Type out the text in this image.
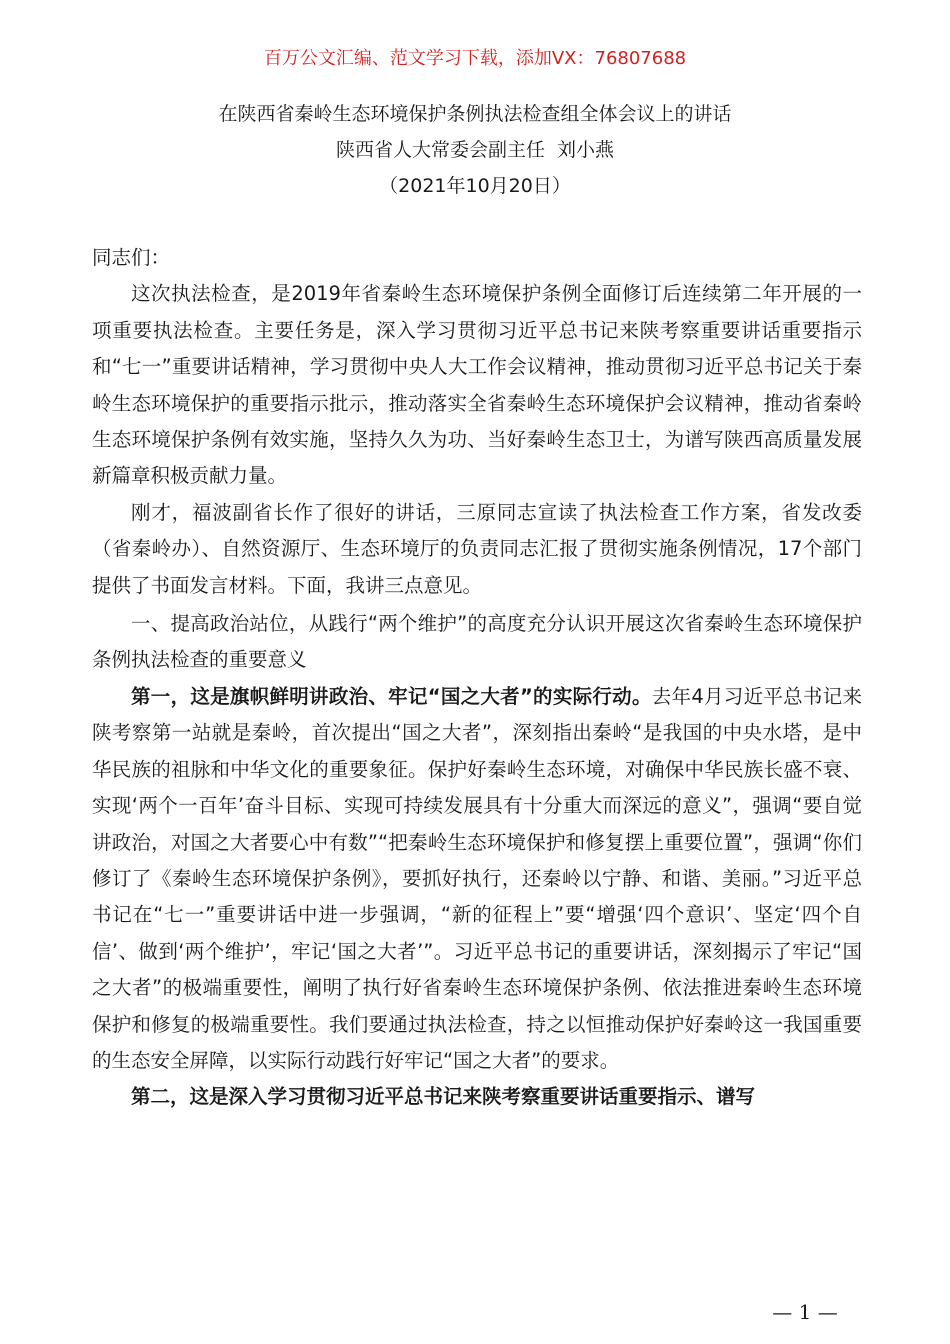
百万公文汇编、范文学习下载，添加VX：76807688
在陕西省秦岭生态环境保护条例执法检查组全体会议上的讲话
陕西省人大常委会副主任  刘小燕
（2021年10月20日）

同志们：

这次执法检查，是2019年省秦岭生态环境保护条例全面修订后连续第二年开展的一项重要执法检查。主要任务是，深入学习贯彻习近平总书记来陕考察重要讲话重要指示和“七一”重要讲话精神，学习贯彻中央人大工作会议精神，推动贯彻习近平总书记关于秦岭生态环境保护的重要指示批示，推动落实全省秦岭生态环境保护会议精神，推动省秦岭生态环境保护条例有效实施，坚持久久为功、当好秦岭生态卫士，为谱写陕西高质量发展新篇章积极贡献力量。

刚才，福波副省长作了很好的讲话，三原同志宣读了执法检查工作方案，省发改委（省秦岭办）、自然资源厅、生态环境厅的负责同志汇报了贯彻实施条例情况，17个部门提供了书面发言材料。下面，我讲三点意见。

一、提高政治站位，从践行“两个维护”的高度充分认识开展这次省秦岭生态环境保护条例执法检查的重要意义

第一，这是旗帜鲜明讲政治、牢记“国之大者”的实际行动。去年4月习近平总书记来陕考察第一站就是秦岭，首次提出“国之大者”，深刻指出秦岭“是我国的中央水塔，是中华民族的祖脉和中华文化的重要象征。保护好秦岭生态环境，对确保中华民族长盛不衰、实现‘两个一百年’奋斗目标、实现可持续发展具有十分重大而深远的意义”，强调“要自觉讲政治，对国之大者要心中有数”“把秦岭生态环境保护和修复摆上重要位置”，强调“你们修订了《秦岭生态环境保护条例》，要抓好执行，还秦岭以宁静、和谐、美丽。”习近平总书记在“七一”重要讲话中进一步强调，“新的征程上”要“增强‘四个意识’、坚定‘四个自信’、做到‘两个维护’，牢记‘国之大者’”。习近平总书记的重要讲话，深刻揭示了牢记“国之大者”的极端重要性，阐明了执行好省秦岭生态环境保护条例、依法推进秦岭生态环境保护和修复的极端重要性。我们要通过执法检查，持之以恒推动保护好秦岭这一我国重要的生态安全屏障，以实际行动践行好牢记“国之大者”的要求。

第二，这是深入学习贯彻习近平总书记来陕考察重要讲话重要指示、谱写

— 1 —
